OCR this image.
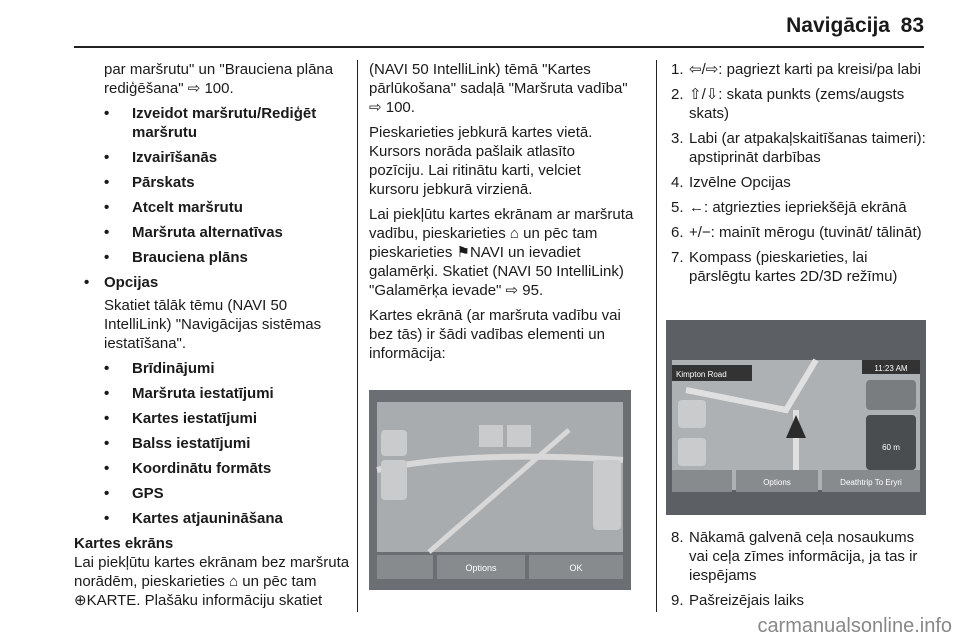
Navigācija 83

par maršrutu" un "Brauciena plāna rediģēšana" ⇨ 100.

• Izveidot maršrutu/Rediģēt maršrutu
• Izvairīšanās
• Pārskats
• Atcelt maršrutu
• Maršruta alternatīvas
• Brauciena plāns
• Opcijas

Skatiet tālāk tēmu (NAVI 50 IntelliLink) "Navigācijas sistēmas iestatīšana".

• Brīdinājumi
• Maršruta iestatījumi
• Kartes iestatījumi
• Balss iestatījumi
• Koordinātu formāts
• GPS
• Kartes atjaunināšana
Kartes ekrāns

Lai piekļūtu kartes ekrānam bez maršruta norādēm, pieskarieties ⌂ un pēc tam ⊕KARTE. Plašāku informāciju skatiet

(NAVI 50 IntelliLink) tēmā "Kartes pārlūkošana" sadaļā "Maršruta vadība" ⇨ 100.

Pieskarieties jebkurā kartes vietā. Kursors norāda pašlaik atlasīto pozīciju. Lai ritinātu karti, velciet kursoru jebkurā virzienā.

Lai piekļūtu kartes ekrānam ar maršruta vadību, pieskarieties ⌂ un pēc tam pieskarieties ⚑NAVI un ievadiet galamērķi. Skatiet (NAVI 50 IntelliLink) "Galamērķa ievade" ⇨ 95.

Kartes ekrānā (ar maršruta vadību vai bez tās) ir šādi vadības elementi un informācija:

Options	OK
1. ⇦/⇨: pagriezt karti pa kreisi/pa labi
2. ⇧/⇩: skata punkts (zems/augsts skats)
3. Labi (ar atpakaļskaitīšanas taimeri): apstiprināt darbības
4. Izvēlne Opcijas
5. ←: atgriezties iepriekšējā ekrānā
6. +/−: mainīt mērogu (tuvināt/ tālināt)
7. Kompass (pieskarieties, lai pārslēgtu kartes 2D/3D režīmu)
Kimpton Road
11:23 AM
60 m
Options	Deathtrip To Eryri
8. Nākamā galvenā ceļa nosaukums vai ceļa zīmes informācija, ja tas ir iespējams
9. Pašreizējais laiks
carmanualsonline.info
